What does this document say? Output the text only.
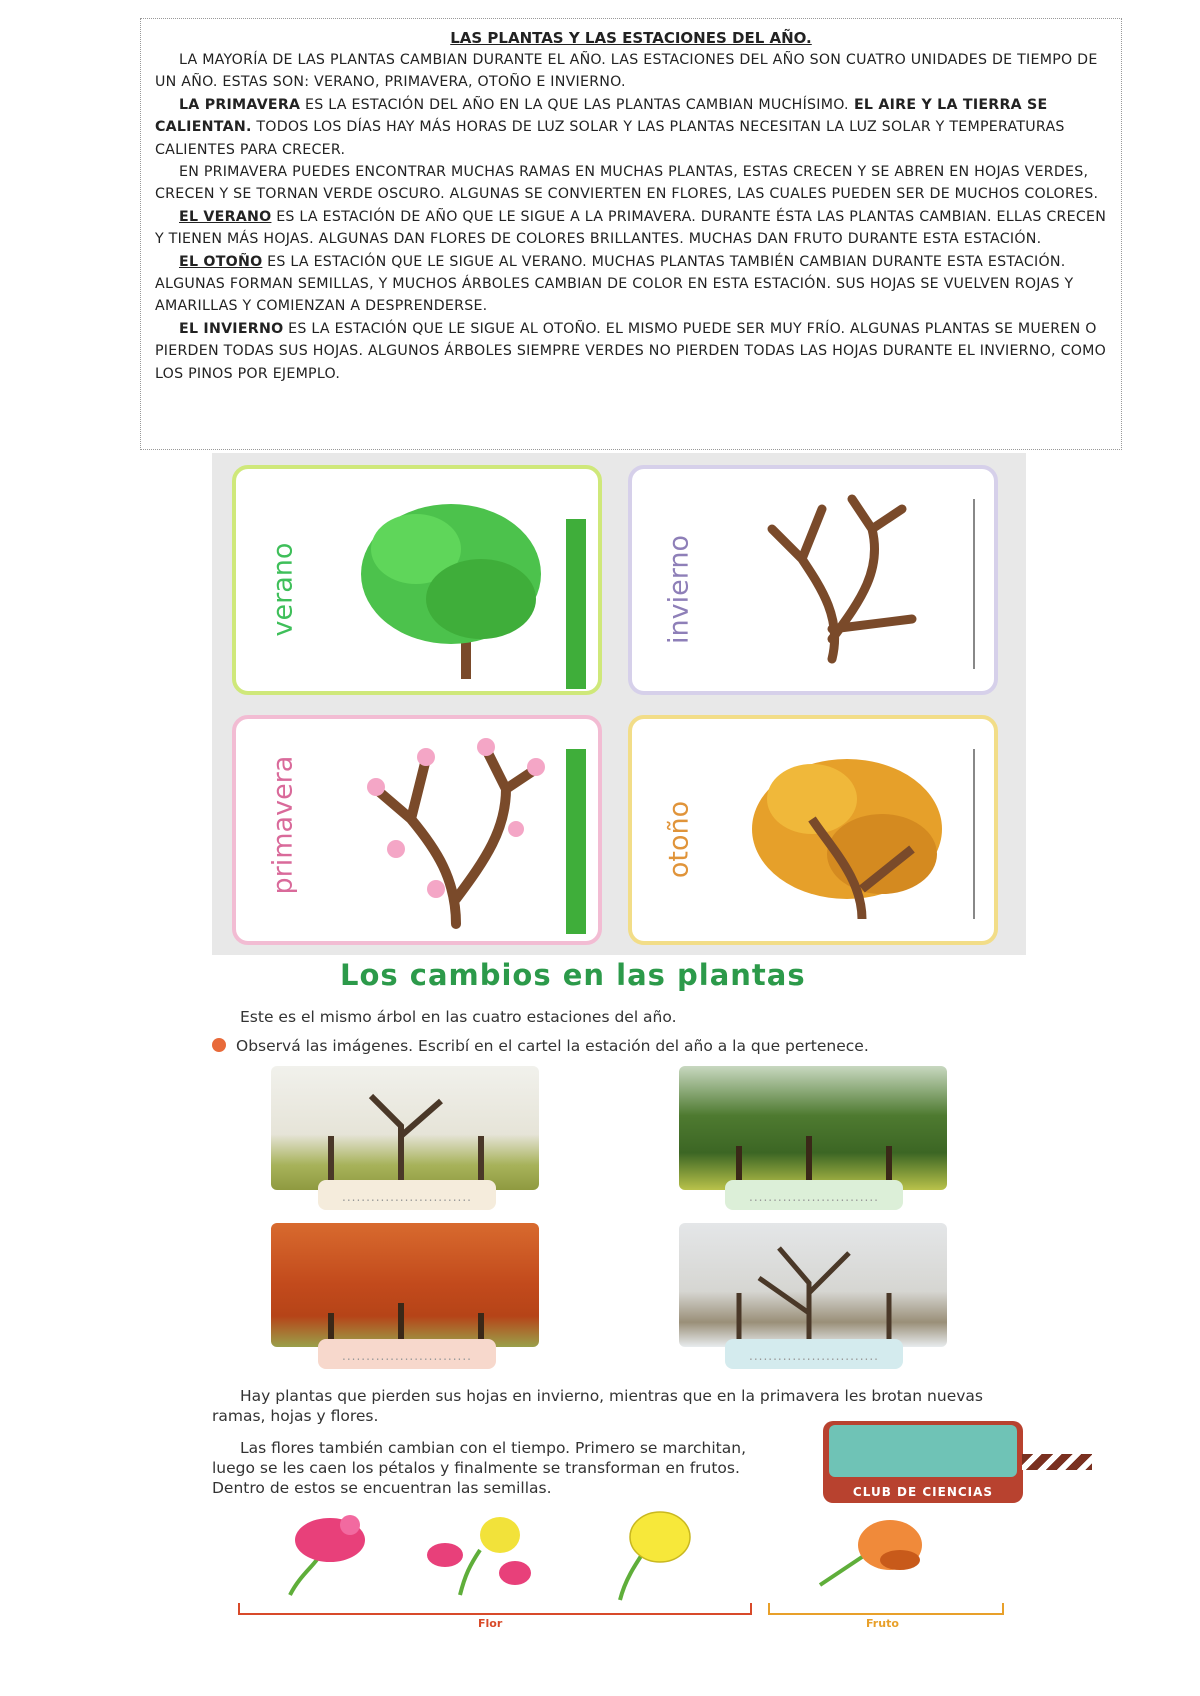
LAS PLANTAS Y LAS ESTACIONES DEL AÑO.

LA MAYORÍA DE LAS PLANTAS CAMBIAN DURANTE EL AÑO. LAS ESTACIONES DEL AÑO SON CUATRO UNIDADES DE TIEMPO DE UN AÑO. ESTAS SON: VERANO, PRIMAVERA, OTOÑO E INVIERNO.

LA PRIMAVERA ES LA ESTACIÓN DEL AÑO EN LA QUE LAS PLANTAS CAMBIAN MUCHÍSIMO. EL AIRE Y LA TIERRA SE CALIENTAN. TODOS LOS DÍAS HAY MÁS HORAS DE LUZ SOLAR Y LAS PLANTAS NECESITAN LA LUZ SOLAR Y TEMPERATURAS CALIENTES PARA CRECER.

EN PRIMAVERA PUEDES ENCONTRAR MUCHAS RAMAS EN MUCHAS PLANTAS, ESTAS CRECEN Y SE ABREN EN HOJAS VERDES, CRECEN Y SE TORNAN VERDE OSCURO. ALGUNAS SE CONVIERTEN EN FLORES, LAS CUALES PUEDEN SER DE MUCHOS COLORES.

EL VERANO ES LA ESTACIÓN DE AÑO QUE LE SIGUE A LA PRIMAVERA. DURANTE ÉSTA LAS PLANTAS CAMBIAN. ELLAS CRECEN Y TIENEN MÁS HOJAS. ALGUNAS DAN FLORES DE COLORES BRILLANTES. MUCHAS DAN FRUTO DURANTE ESTA ESTACIÓN.

EL OTOÑO ES LA ESTACIÓN QUE LE SIGUE AL VERANO. MUCHAS PLANTAS TAMBIÉN CAMBIAN DURANTE ESTA ESTACIÓN. ALGUNAS FORMAN SEMILLAS, Y MUCHOS ÁRBOLES CAMBIAN DE COLOR EN ESTA ESTACIÓN. SUS HOJAS SE VUELVEN ROJAS Y AMARILLAS Y COMIENZAN A DESPRENDERSE.

EL INVIERNO ES LA ESTACIÓN QUE LE SIGUE AL OTOÑO. EL MISMO PUEDE SER MUY FRÍO. ALGUNAS PLANTAS SE MUEREN O PIERDEN TODAS SUS HOJAS. ALGUNOS ÁRBOLES SIEMPRE VERDES NO PIERDEN TODAS LAS HOJAS DURANTE EL INVIERNO, COMO LOS PINOS POR EJEMPLO.

verano	invierno
primavera	otoño
Los cambios en las plantas
Este es el mismo árbol en las cuatro estaciones del año.
Observá las imágenes. Escribí en el cartel la estación del año a la que pertenece.
...........................	...........................
...........................	...........................
Hay plantas que pierden sus hojas en invierno, mientras que en la primavera les brotan nuevas ramas, hojas y flores.
Las flores también cambian con el tiempo. Primero se marchitan, luego se les caen los pétalos y finalmente se transforman en frutos. Dentro de estos se encuentran las semillas.	CLUB DE CIENCIAS
Flor	Fruto
